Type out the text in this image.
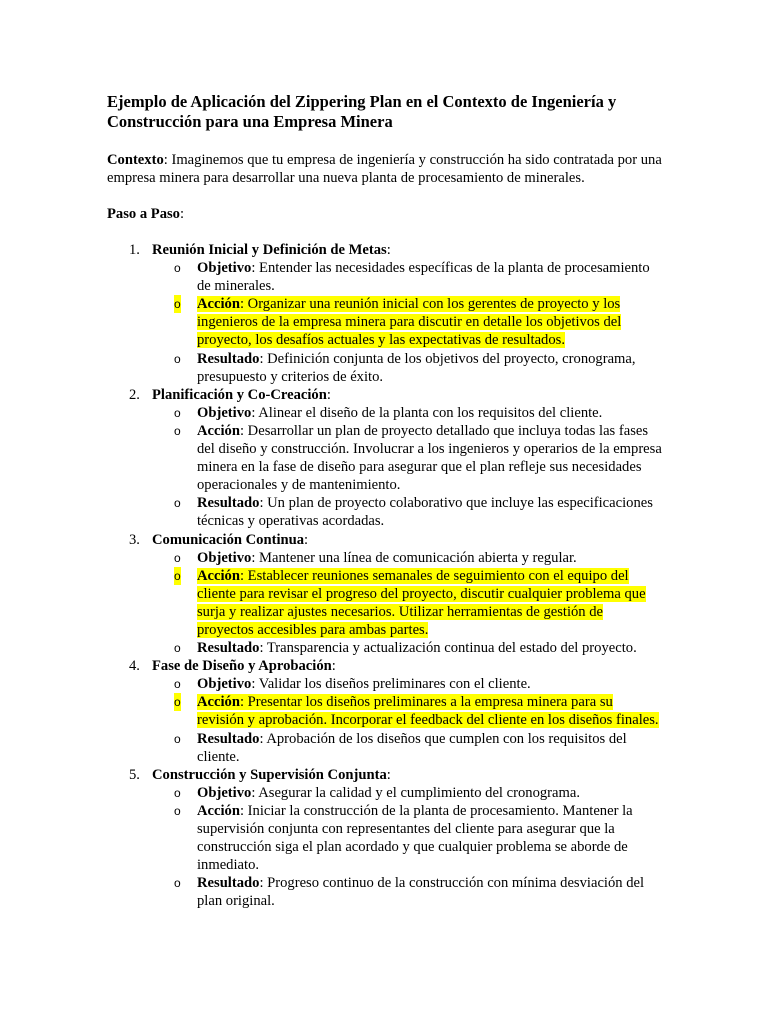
Ejemplo de Aplicación del Zippering Plan en el Contexto de Ingeniería y Construcción para una Empresa Minera
Contexto: Imaginemos que tu empresa de ingeniería y construcción ha sido contratada por una empresa minera para desarrollar una nueva planta de procesamiento de minerales.
Paso a Paso:
1. Reunión Inicial y Definición de Metas:
o Objetivo: Entender las necesidades específicas de la planta de procesamiento de minerales.
o Acción: Organizar una reunión inicial con los gerentes de proyecto y los ingenieros de la empresa minera para discutir en detalle los objetivos del proyecto, los desafíos actuales y las expectativas de resultados.
o Resultado: Definición conjunta de los objetivos del proyecto, cronograma, presupuesto y criterios de éxito.
2. Planificación y Co-Creación:
o Objetivo: Alinear el diseño de la planta con los requisitos del cliente.
o Acción: Desarrollar un plan de proyecto detallado que incluya todas las fases del diseño y construcción. Involucrar a los ingenieros y operarios de la empresa minera en la fase de diseño para asegurar que el plan refleje sus necesidades operacionales y de mantenimiento.
o Resultado: Un plan de proyecto colaborativo que incluye las especificaciones técnicas y operativas acordadas.
3. Comunicación Continua:
o Objetivo: Mantener una línea de comunicación abierta y regular.
o Acción: Establecer reuniones semanales de seguimiento con el equipo del cliente para revisar el progreso del proyecto, discutir cualquier problema que surja y realizar ajustes necesarios. Utilizar herramientas de gestión de proyectos accesibles para ambas partes.
o Resultado: Transparencia y actualización continua del estado del proyecto.
4. Fase de Diseño y Aprobación:
o Objetivo: Validar los diseños preliminares con el cliente.
o Acción: Presentar los diseños preliminares a la empresa minera para su revisión y aprobación. Incorporar el feedback del cliente en los diseños finales.
o Resultado: Aprobación de los diseños que cumplen con los requisitos del cliente.
5. Construcción y Supervisión Conjunta:
o Objetivo: Asegurar la calidad y el cumplimiento del cronograma.
o Acción: Iniciar la construcción de la planta de procesamiento. Mantener la supervisión conjunta con representantes del cliente para asegurar que la construcción siga el plan acordado y que cualquier problema se aborde de inmediato.
o Resultado: Progreso continuo de la construcción con mínima desviación del plan original.
